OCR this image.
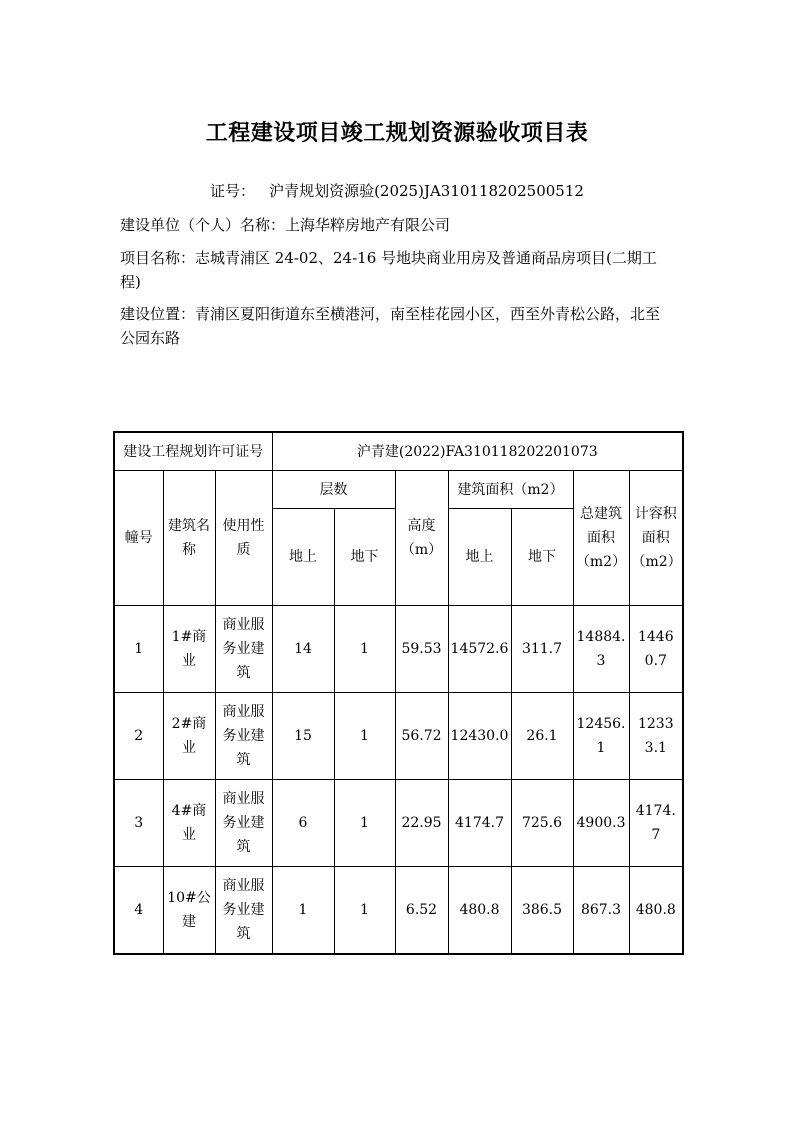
工程建设项目竣工规划资源验收项目表
证号： 沪青规划资源验(2025)JA310118202500512
建设单位（个人）名称：上海华粹房地产有限公司
项目名称：志城青浦区 24-02、24-16 号地块商业用房及普通商品房项目(二期工程)
建设位置：青浦区夏阳街道东至横港河，南至桂花园小区，西至外青松公路，北至公园东路
建设工程规划许可证号			沪青建(2022)FA310118202201073						
幢号	建筑名称	使用性质	层数		高度（m）	建筑面积（m2）		总建筑面积（m2）	计容积面积（m2）
			地上	地下		地上	地下		
1	1#商业	商业服务业建筑	14	1	59.53	14572.6	311.7	14884.3	14460.7
2	2#商业	商业服务业建筑	15	1	56.72	12430.0	26.1	12456.1	12333.1
3	4#商业	商业服务业建筑	6	1	22.95	4174.7	725.6	4900.3	4174.7
4	10#公建	商业服务业建筑	1	1	6.52	480.8	386.5	867.3	480.8
